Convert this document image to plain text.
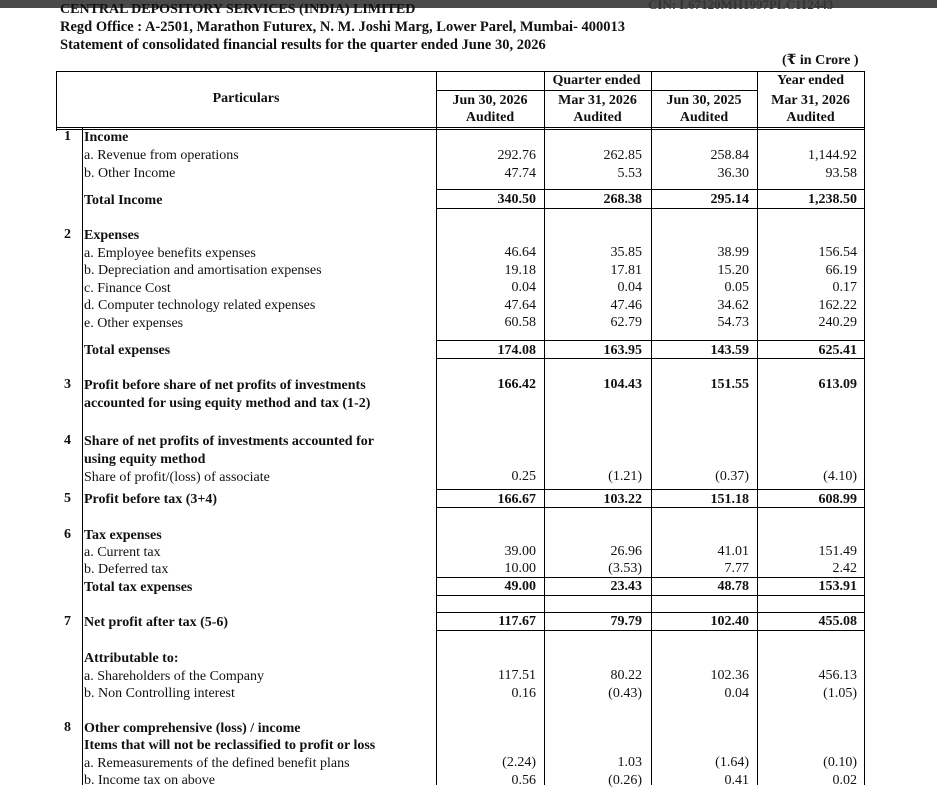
CENTRAL DEPOSITORY SERVICES (INDIA) LIMITED	CIN: L67120MH1997PLC112443
Regd Office : A-2501, Marathon Futurex, N. M. Joshi Marg, Lower Parel, Mumbai- 400013
Statement of consolidated financial results for the quarter ended June 30, 2026
(₹ in Crore )
Particulars
Quarter ended	Year ended
Jun 30, 2026	Mar 31, 2026	Jun 30, 2025	Mar 31, 2026
Audited	Audited	Audited	Audited
1 Income
a. Revenue from operations	292.76	262.85	258.84	1,144.92
b. Other Income	47.74	5.53	36.30	93.58
Total Income	340.50	268.38	295.14	1,238.50
2 Expenses
a. Employee benefits expenses	46.64	35.85	38.99	156.54
b. Depreciation and amortisation expenses	19.18	17.81	15.20	66.19
c. Finance Cost	0.04	0.04	0.05	0.17
d. Computer technology related expenses	47.64	47.46	34.62	162.22
e. Other expenses	60.58	62.79	54.73	240.29
Total expenses	174.08	163.95	143.59	625.41
3 Profit before share of net profits of investments
accounted for using equity method and tax (1-2)
166.42	104.43	151.55	613.09
4 Share of net profits of investments accounted for
using equity method
Share of profit/(loss) of associate	0.25	(1.21)	(0.37)	(4.10)
5 Profit before tax (3+4)	166.67	103.22	151.18	608.99
6 Tax expenses
a. Current tax	39.00	26.96	41.01	151.49
b. Deferred tax	10.00	(3.53)	7.77	2.42
Total tax expenses	49.00	23.43	48.78	153.91
7 Net profit after tax (5-6)	117.67	79.79	102.40	455.08
Attributable to:
a. Shareholders of the Company	117.51	80.22	102.36	456.13
b. Non Controlling interest	0.16	(0.43)	0.04	(1.05)
8 Other comprehensive (loss) / income
Items that will not be reclassified to profit or loss
a. Remeasurements of the defined benefit plans	(2.24)	1.03	(1.64)	(0.10)
b. Income tax on above	0.56	(0.26)	0.41	0.02
